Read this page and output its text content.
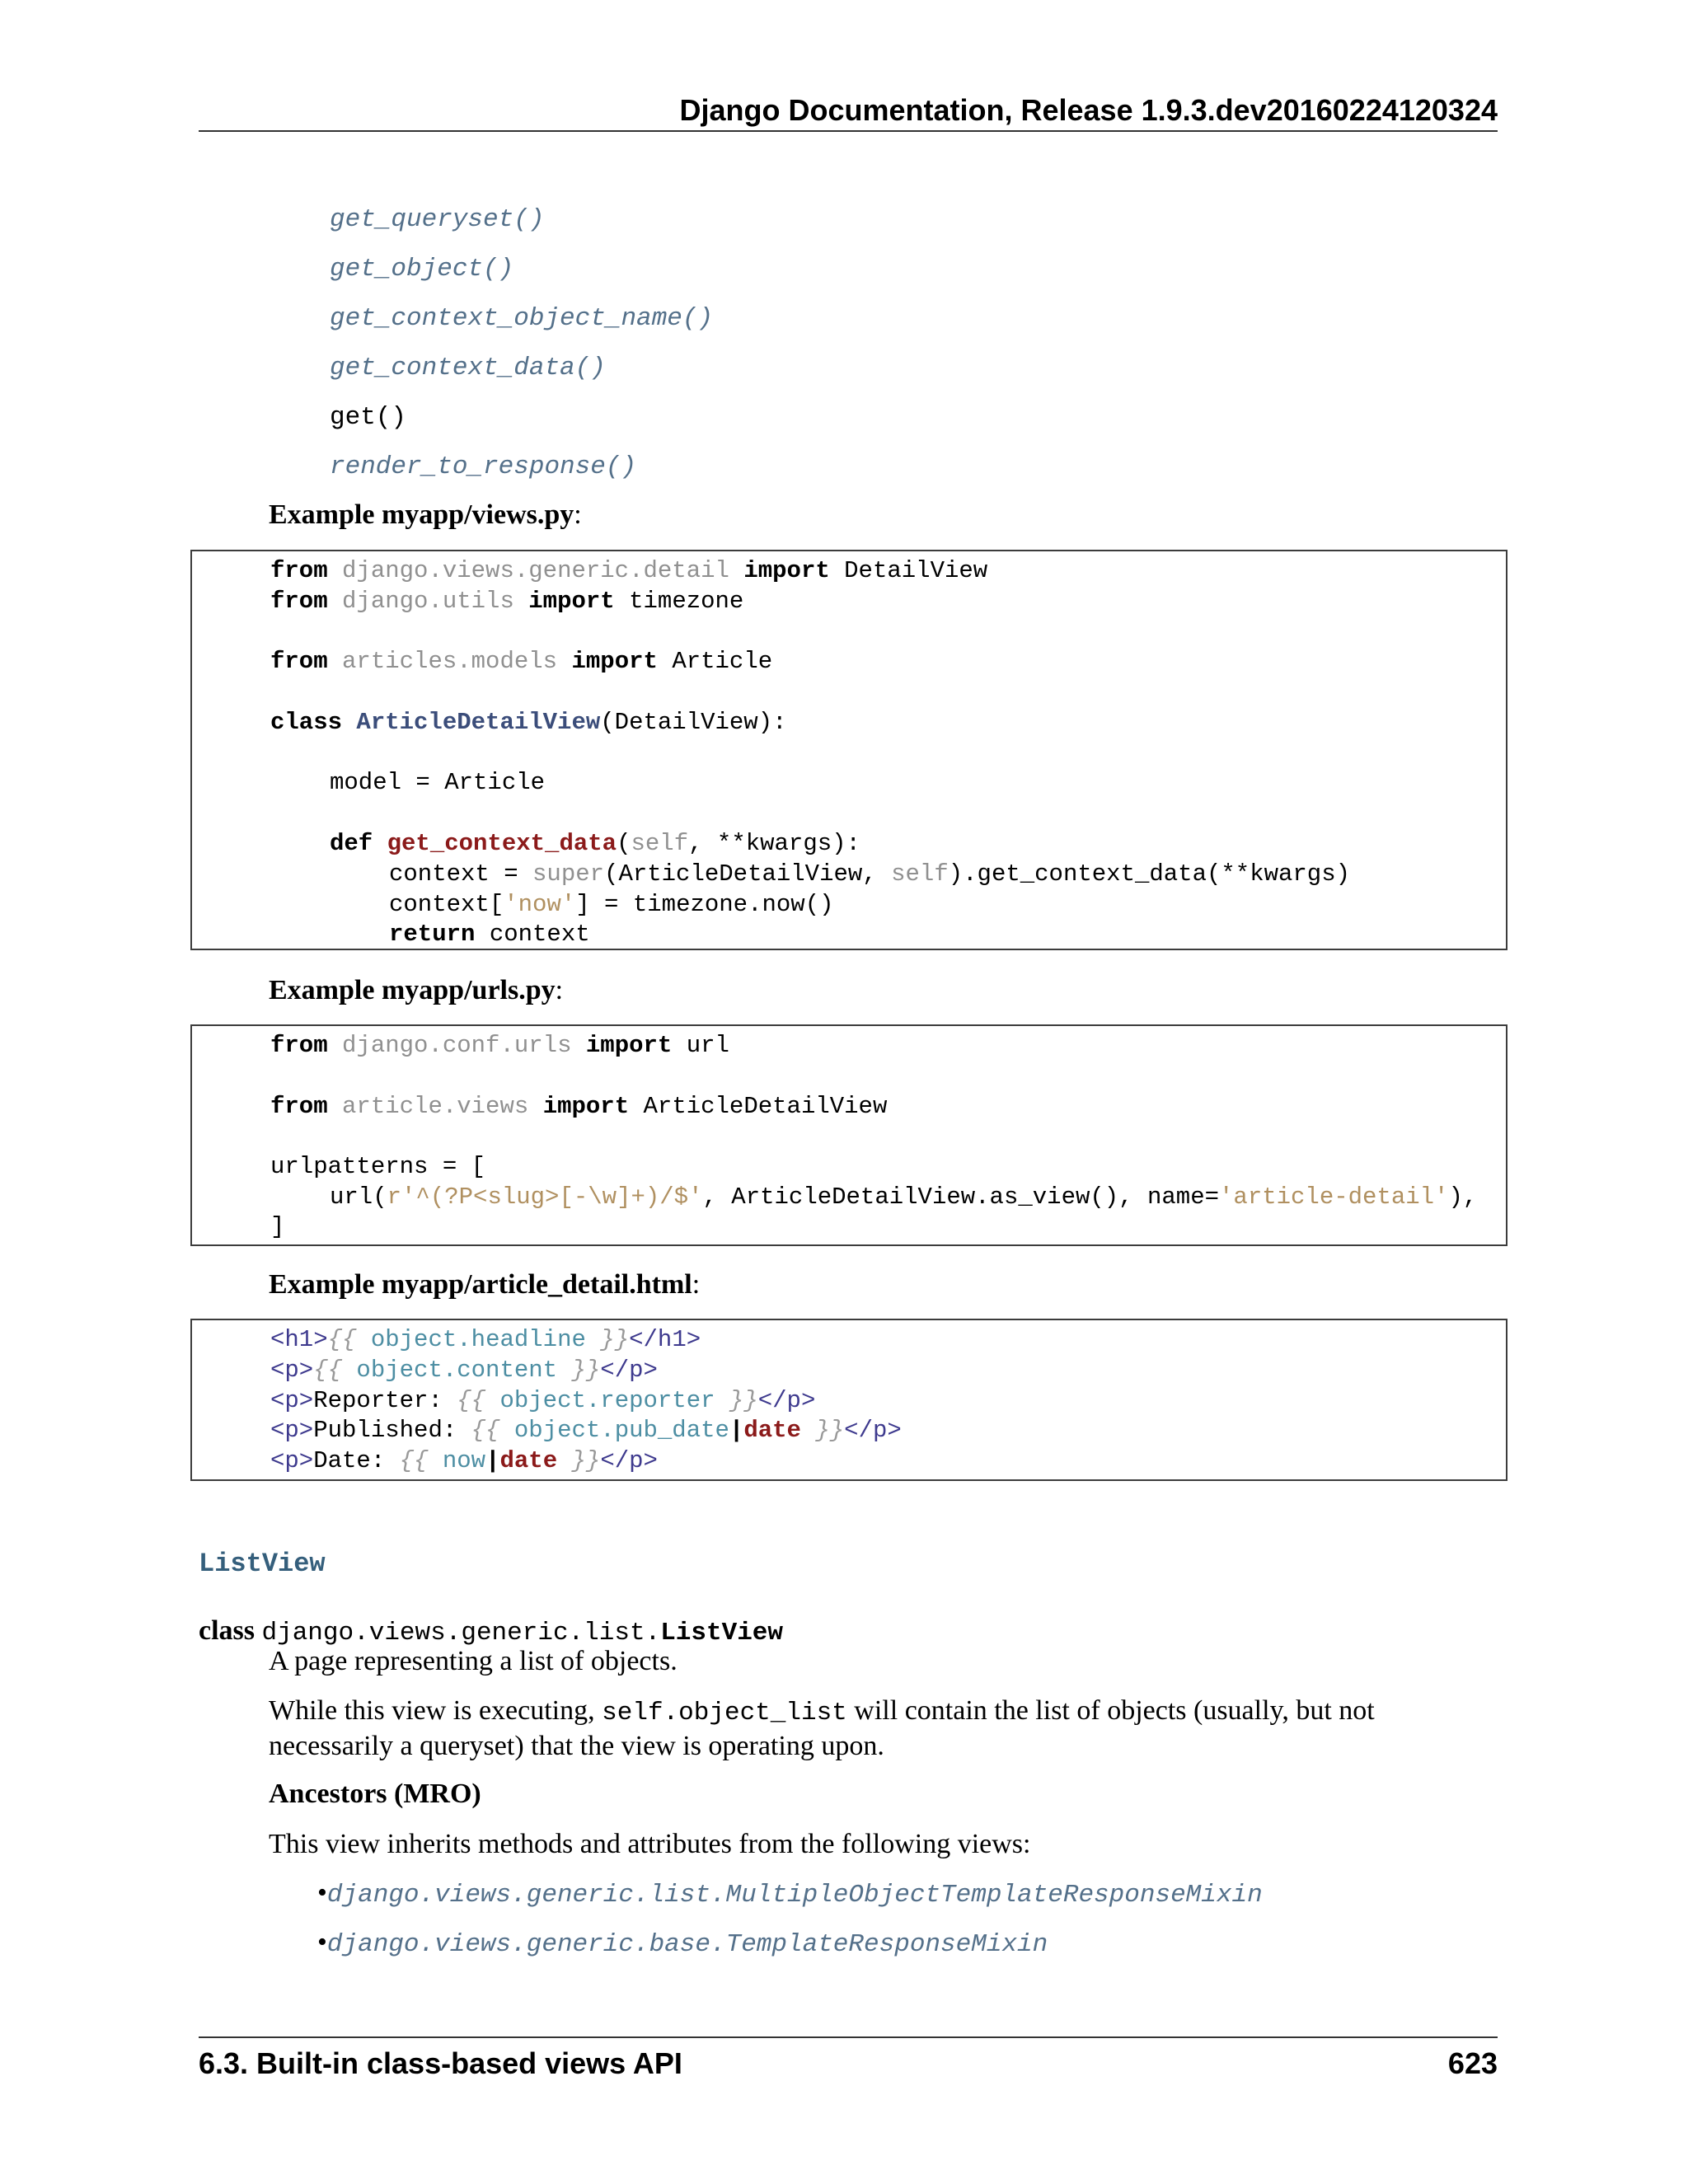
Django Documentation, Release 1.9.3.dev20160224120324
get_queryset()
get_object()
get_context_object_name()
get_context_data()
get()
render_to_response()
Example myapp/views.py:
from django.views.generic.detail import DetailView
from django.utils import timezone
from articles.models import Article
class ArticleDetailView(DetailView):
model = Article
def get_context_data(self, **kwargs):
context = super(ArticleDetailView, self).get_context_data(**kwargs)
context['now'] = timezone.now()
return context
Example myapp/urls.py:
from django.conf.urls import url
from article.views import ArticleDetailView
urlpatterns = [
url(r'^(?P<slug>[-\w]+)/$', ArticleDetailView.as_view(), name='article-detail'),
]
Example myapp/article_detail.html:
<h1>{{ object.headline }}</h1>
<p>{{ object.content }}</p>
<p>Reporter: {{ object.reporter }}</p>
<p>Published: {{ object.pub_date|date }}</p>
<p>Date: {{ now|date }}</p>
ListView
class django.views.generic.list.ListView
A page representing a list of objects.
While this view is executing, self.object_list will contain the list of objects (usually, but not necessarily a queryset) that the view is operating upon.
Ancestors (MRO)
This view inherits methods and attributes from the following views:
•django.views.generic.list.MultipleObjectTemplateResponseMixin
•django.views.generic.base.TemplateResponseMixin
6.3. Built-in class-based views API	623
